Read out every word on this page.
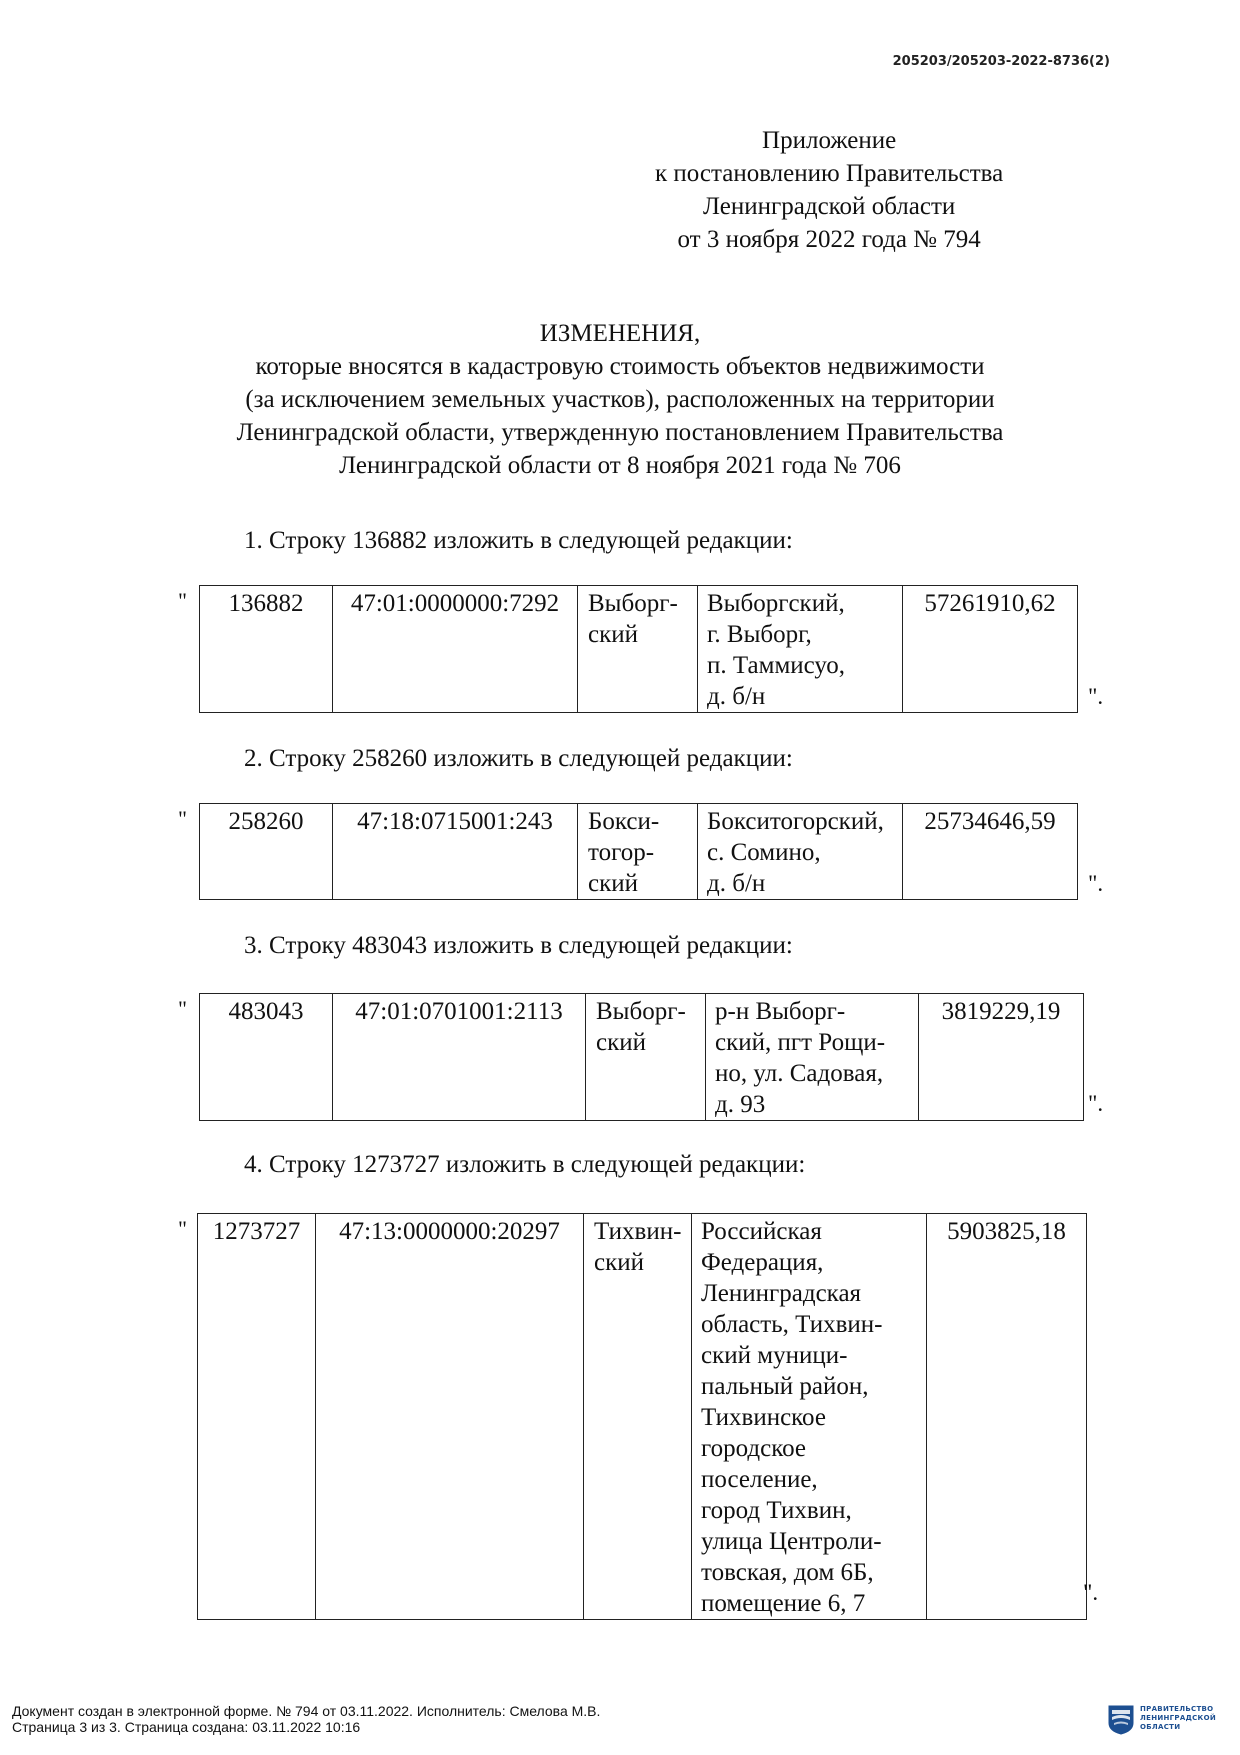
205203/205203-2022-8736(2)
Приложение
к постановлению Правительства
Ленинградской области
от 3 ноября 2022 года № 794
ИЗМЕНЕНИЯ,
которые вносятся в кадастровую стоимость объектов недвижимости
(за исключением земельных участков), расположенных на территории
Ленинградской области, утвержденную постановлением Правительства
Ленинградской области от 8 ноября 2021 года № 706
1. Строку 136882 изложить в следующей редакции:
" 136882	47:01:0000000:7292	Выборг-
ский

Выборгский,
г. Выборг,
п. Таммисуо,
д. б/н
	57261910,62
".
2. Строку 258260 изложить в следующей редакции:
" 258260	47:18:0715001:243	Бокси-
тогор-
ский

Бокситогорский,
с. Сомино,
д. б/н
	25734646,59
".
3. Строку 483043 изложить в следующей редакции:
" 483043	47:01:0701001:2113	Выборг-
ский

р-н Выборг-
ский, пгт Рощи-
но, ул. Садовая,
д. 93
	3819229,19
".
4. Строку 1273727 изложить в следующей редакции:
" 1273727	47:13:0000000:20297	Тихвин-
ский

Российская
Федерация,
Ленинградская
область, Тихвин-
ский муници-
пальный район,
Тихвинское
городское
поселение,
город Тихвин,
улица Центроли-
товская, дом 6Б,
помещение 6, 7
	5903825,18
".
Документ создан в электронной форме. № 794 от 03.11.2022. Исполнитель: Смелова М.В.
Страница 3 из 3. Страница создана: 03.11.2022 10:16
ПРАВИТЕЛЬСТВО
ЛЕНИНГРАДСКОЙ
ОБЛАСТИ
